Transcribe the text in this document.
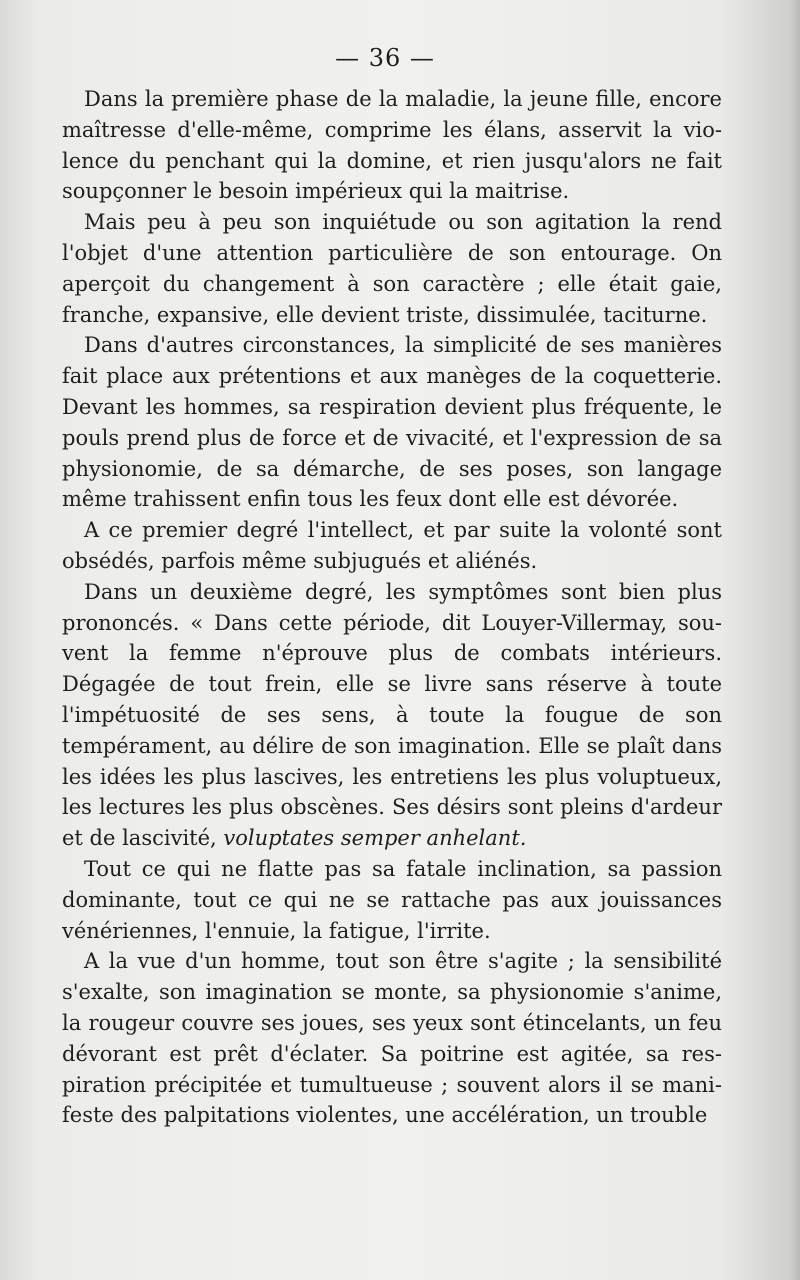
— 36 —

Dans la première phase de la maladie, la jeune fille, encore maîtresse d'elle-même, comprime les élans, asservit la violence du penchant qui la domine, et rien jusqu'alors ne fait soupçonner le besoin impérieux qui la maitrise.

Mais peu à peu son inquiétude ou son agitation la rend l'objet d'une attention particulière de son entourage. On aperçoit du changement à son caractère ; elle était gaie, franche, expansive, elle devient triste, dissimulée, taciturne.

Dans d'autres circonstances, la simplicité de ses manières fait place aux prétentions et aux manèges de la coquetterie. Devant les hommes, sa respiration devient plus fréquente, le pouls prend plus de force et de vivacité, et l'expression de sa physionomie, de sa démarche, de ses poses, son langage même trahissent enfin tous les feux dont elle est dévorée.

A ce premier degré l'intellect, et par suite la volonté sont obsédés, parfois même subjugués et aliénés.

Dans un deuxième degré, les symptômes sont bien plus prononcés. « Dans cette période, dit Louyer-Villermay, souvent la femme n'éprouve plus de combats intérieurs. Dégagée de tout frein, elle se livre sans réserve à toute l'impétuosité de ses sens, à toute la fougue de son tempérament, au délire de son imagination. Elle se plaît dans les idées les plus lascives, les entretiens les plus voluptueux, les lectures les plus obscènes. Ses désirs sont pleins d'ardeur et de lascivité, voluptates semper anhelant.

Tout ce qui ne flatte pas sa fatale inclination, sa passion dominante, tout ce qui ne se rattache pas aux jouissances vénériennes, l'ennuie, la fatigue, l'irrite.

A la vue d'un homme, tout son être s'agite ; la sensibilité s'exalte, son imagination se monte, sa physionomie s'anime, la rougeur couvre ses joues, ses yeux sont étincelants, un feu dévorant est prêt d'éclater. Sa poitrine est agitée, sa respiration précipitée et tumultueuse ; souvent alors il se manifeste des palpitations violentes, une accélération, un trouble
